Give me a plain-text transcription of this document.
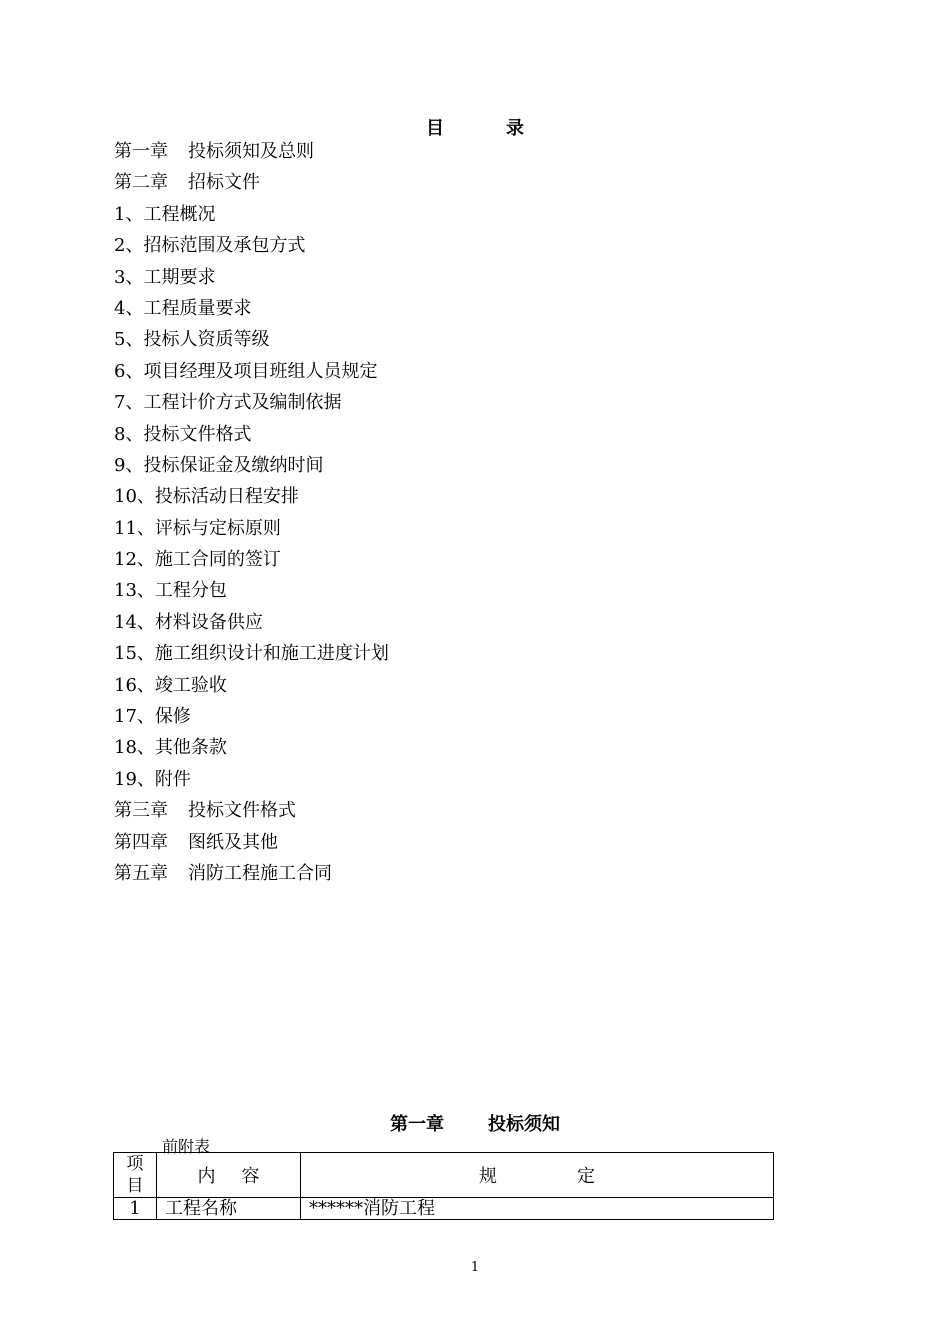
目	录
第一章 投标须知及总则
第二章 招标文件
1、工程概况
2、招标范围及承包方式
3、工期要求
4、工程质量要求
5、投标人资质等级
6、项目经理及项目班组人员规定
7、工程计价方式及编制依据
8、投标文件格式
9、投标保证金及缴纳时间
10、投标活动日程安排
11、评标与定标原则
12、施工合同的签订
13、工程分包
14、材料设备供应
15、施工组织设计和施工进度计划
16、竣工验收
17、保修
18、其他条款
19、附件
第三章 投标文件格式
第四章 图纸及其他
第五章 消防工程施工合同
第一章 投标须知
前附表
项
目	内 容	规 定
1	工程名称	******消防工程
1
